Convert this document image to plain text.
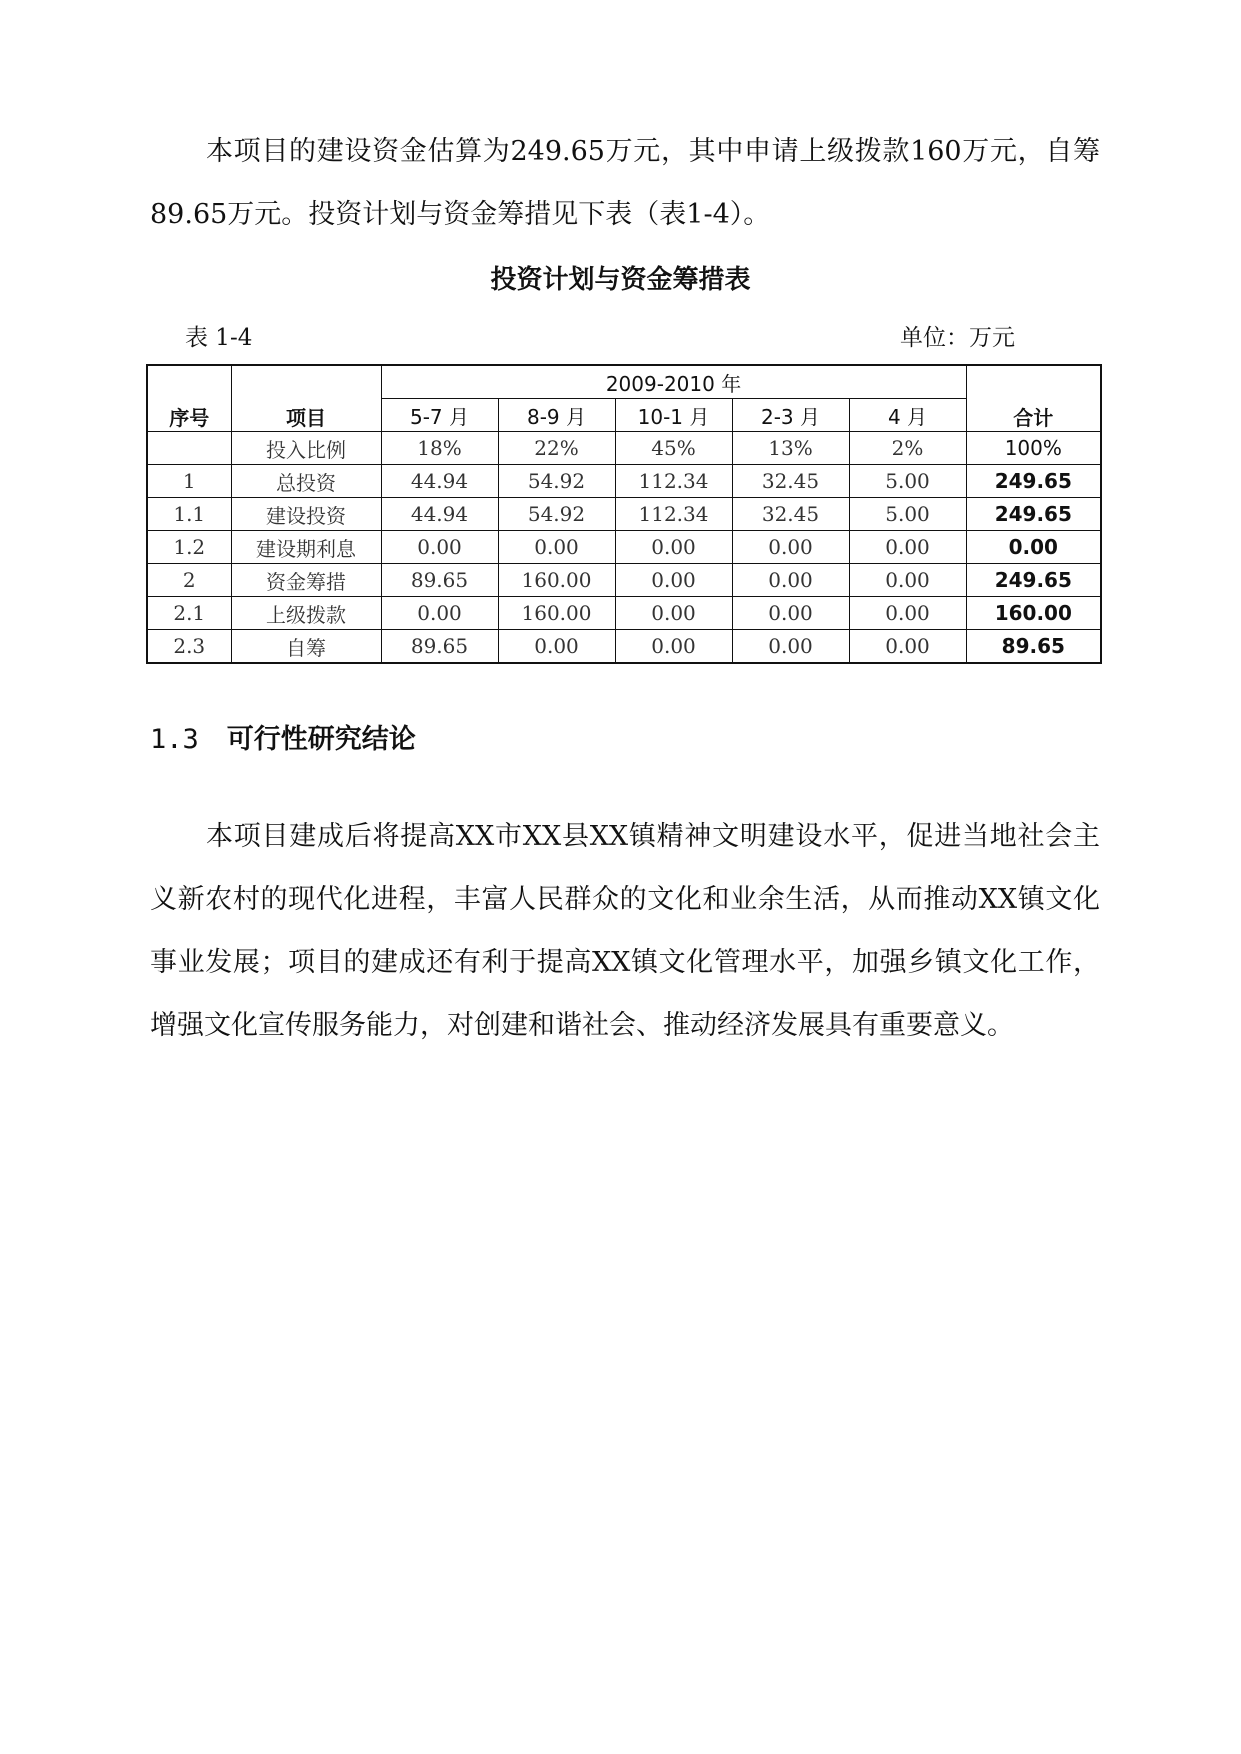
本项目的建设资金估算为249.65万元，其中申请上级拨款160万元，自筹89.65万元。投资计划与资金筹措见下表（表1-4）。

投资计划与资金筹措表
表 1-4	单位：万元
序号	项目	2009-2010 年					合计
		5-7 月	8-9 月	10-1 月	2-3 月	4 月	
	投入比例	18%	22%	45%	13%	2%	100%
1	总投资	44.94	54.92	112.34	32.45	5.00	249.65
1.1	建设投资	44.94	54.92	112.34	32.45	5.00	249.65
1.2	建设期利息	0.00	0.00	0.00	0.00	0.00	0.00
2	资金筹措	89.65	160.00	0.00	0.00	0.00	249.65
2.1	上级拨款	0.00	160.00	0.00	0.00	0.00	160.00
2.3	自筹	89.65	0.00	0.00	0.00	0.00	89.65
1.3 可行性研究结论

本项目建成后将提高XX市XX县XX镇精神文明建设水平，促进当地社会主义新农村的现代化进程，丰富人民群众的文化和业余生活，从而推动XX镇文化事业发展；项目的建成还有利于提高XX镇文化管理水平，加强乡镇文化工作，增强文化宣传服务能力，对创建和谐社会、推动经济发展具有重要意义。
